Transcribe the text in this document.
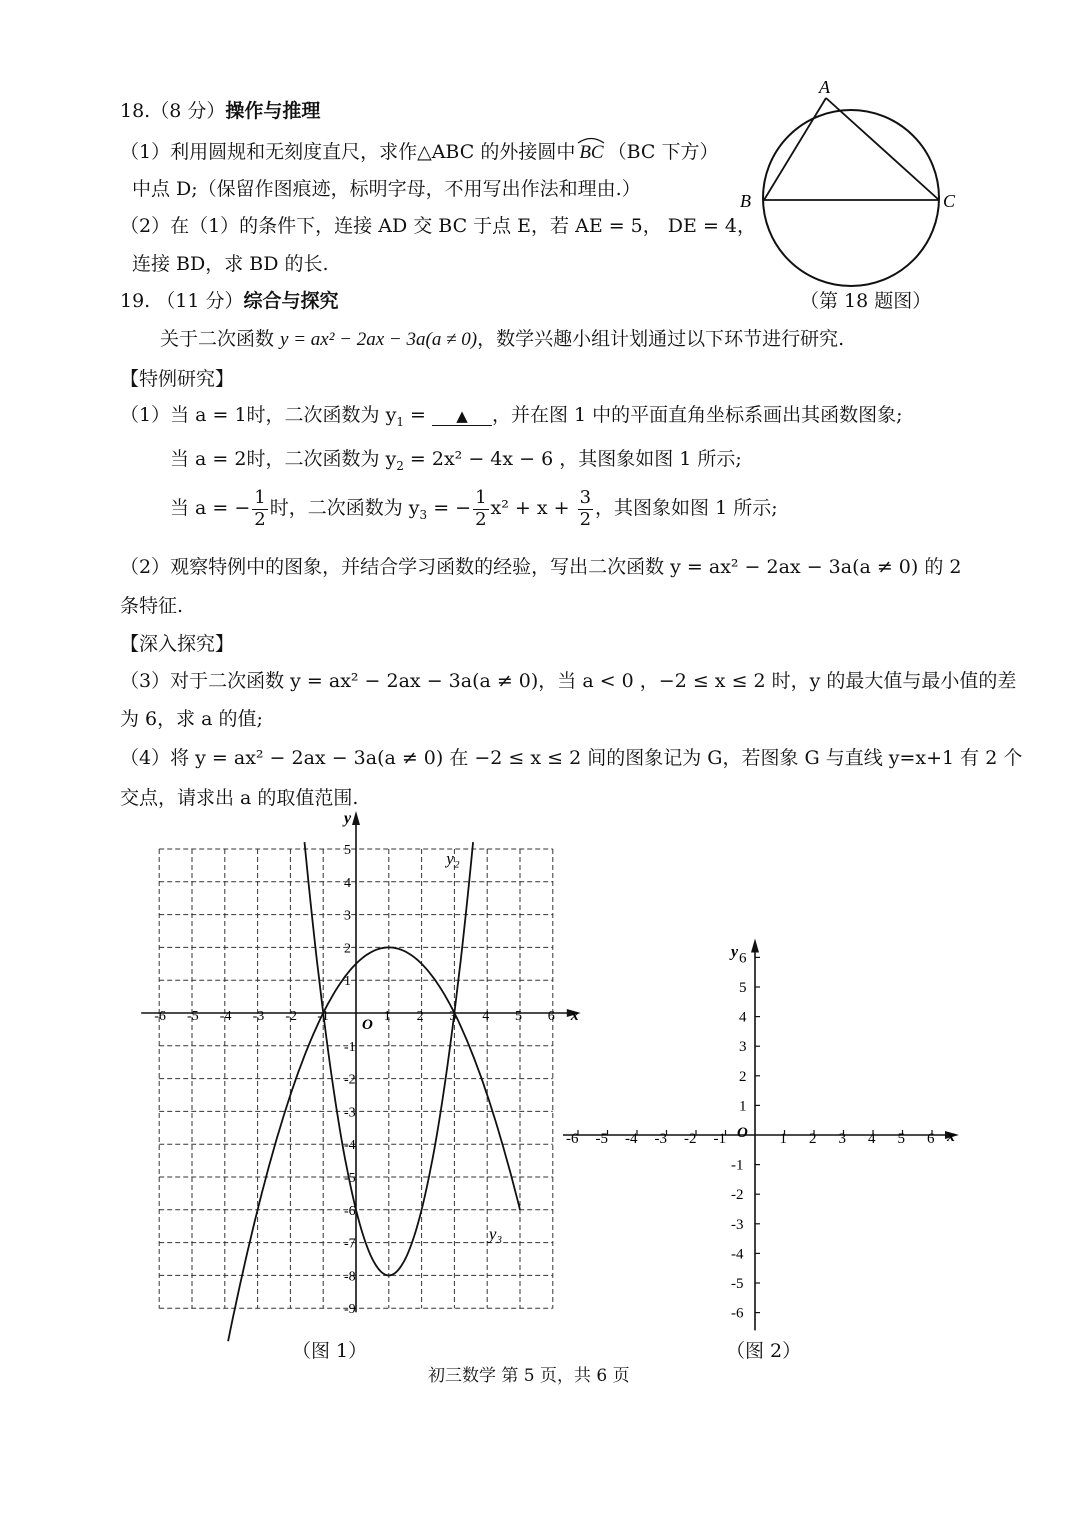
18.（8 分）操作与推理
（1）利用圆规和无刻度直尺，求作△ABC 的外接圆中 BC （BC 下方）
中点 D;（保留作图痕迹，标明字母，不用写出作法和理由.）
（2）在（1）的条件下，连接 AD 交 BC 于点 E，若 AE = 5， DE = 4，
连接 BD，求 BD 的长.
A
B	C
19. （11 分）综合与探究	（第 18 题图）
关于二次函数 y = ax² − 2ax − 3a(a ≠ 0)，数学兴趣小组计划通过以下环节进行研究.
【特例研究】
（1）当 a = 1时，二次函数为 $y_1$ = ▲ ，并在图 1 中的平面直角坐标系画出其函数图象;
当 a = 2时，二次函数为 $y_2 = 2x^2 - 4x - 6$ ，其图象如图 1 所示;
当 a = − $\frac{1}{2}$ 时，二次函数为 $y_3$ = − $\frac{1}{2} x^2 + x + \frac{3}{2}$ ，其图象如图 1 所示;
（2）观察特例中的图象，并结合学习函数的经验，写出二次函数 y = ax² − 2ax − 3a(a ≠ 0) 的 2
条特征.
【深入探究】
（3）对于二次函数 y = ax² − 2ax − 3a(a ≠ 0)，当 a < 0 ，−2 ≤ x ≤ 2 时，y 的最大值与最小值的差
为 6，求 a 的值;
（4）将 y = ax² − 2ax − 3a(a ≠ 0) 在 −2 ≤ x ≤ 2 间的图象记为 G，若图象 G 与直线 y=x+1 有 2 个
交点，请求出 a 的取值范围.
x
y
O
-6 -5 -4 -3 -2	1 2 3 4 5 6
-1
5
4
3
2
1
-1
-2
-3
-4
-5
-6
-7
-8
-9
y₂
y₃
（图 1）
x
y
O
-6 -5 -4 -3 -2 -1	1 2 3 4 5 6
6
5
4
3
2
1
-1
-2
-3
-4
-5
-6
（图 2）
初三数学 第 5 页，共 6 页
